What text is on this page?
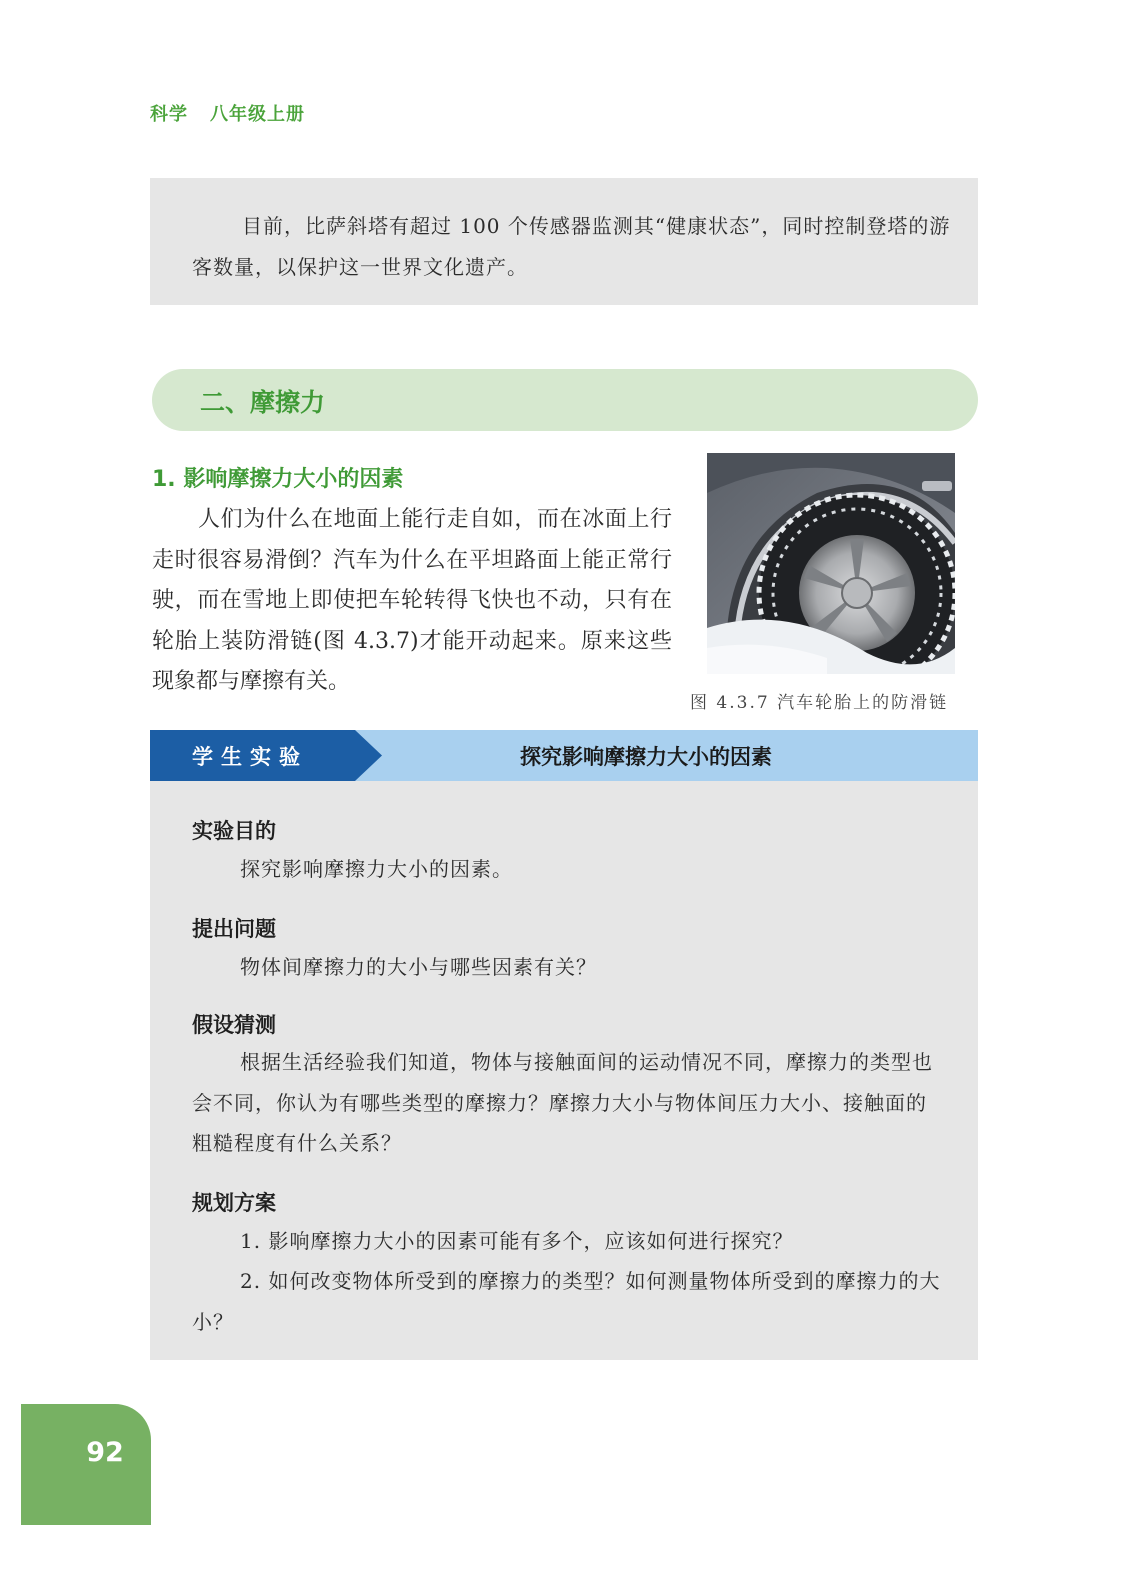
科学 八年级上册

目前，比萨斜塔有超过 100 个传感器监测其“健康状态”，同时控制登塔的游客数量，以保护这一世界文化遗产。

二、摩擦力
1. 影响摩擦力大小的因素

人们为什么在地面上能行走自如，而在冰面上行走时很容易滑倒？汽车为什么在平坦路面上能正常行驶，而在雪地上即使把车轮转得飞快也不动，只有在轮胎上装防滑链(图 4.3.7)才能开动起来。原来这些现象都与摩擦有关。

图 4.3.7 汽车轮胎上的防滑链
学生实验	探究影响摩擦力大小的因素
实验目的

探究影响摩擦力大小的因素。

提出问题

物体间摩擦力的大小与哪些因素有关？

假设猜测

根据生活经验我们知道，物体与接触面间的运动情况不同，摩擦力的类型也会不同，你认为有哪些类型的摩擦力？摩擦力大小与物体间压力大小、接触面的粗糙程度有什么关系？

规划方案

1. 影响摩擦力大小的因素可能有多个，应该如何进行探究？

2. 如何改变物体所受到的摩擦力的类型？如何测量物体所受到的摩擦力的大小？

92
